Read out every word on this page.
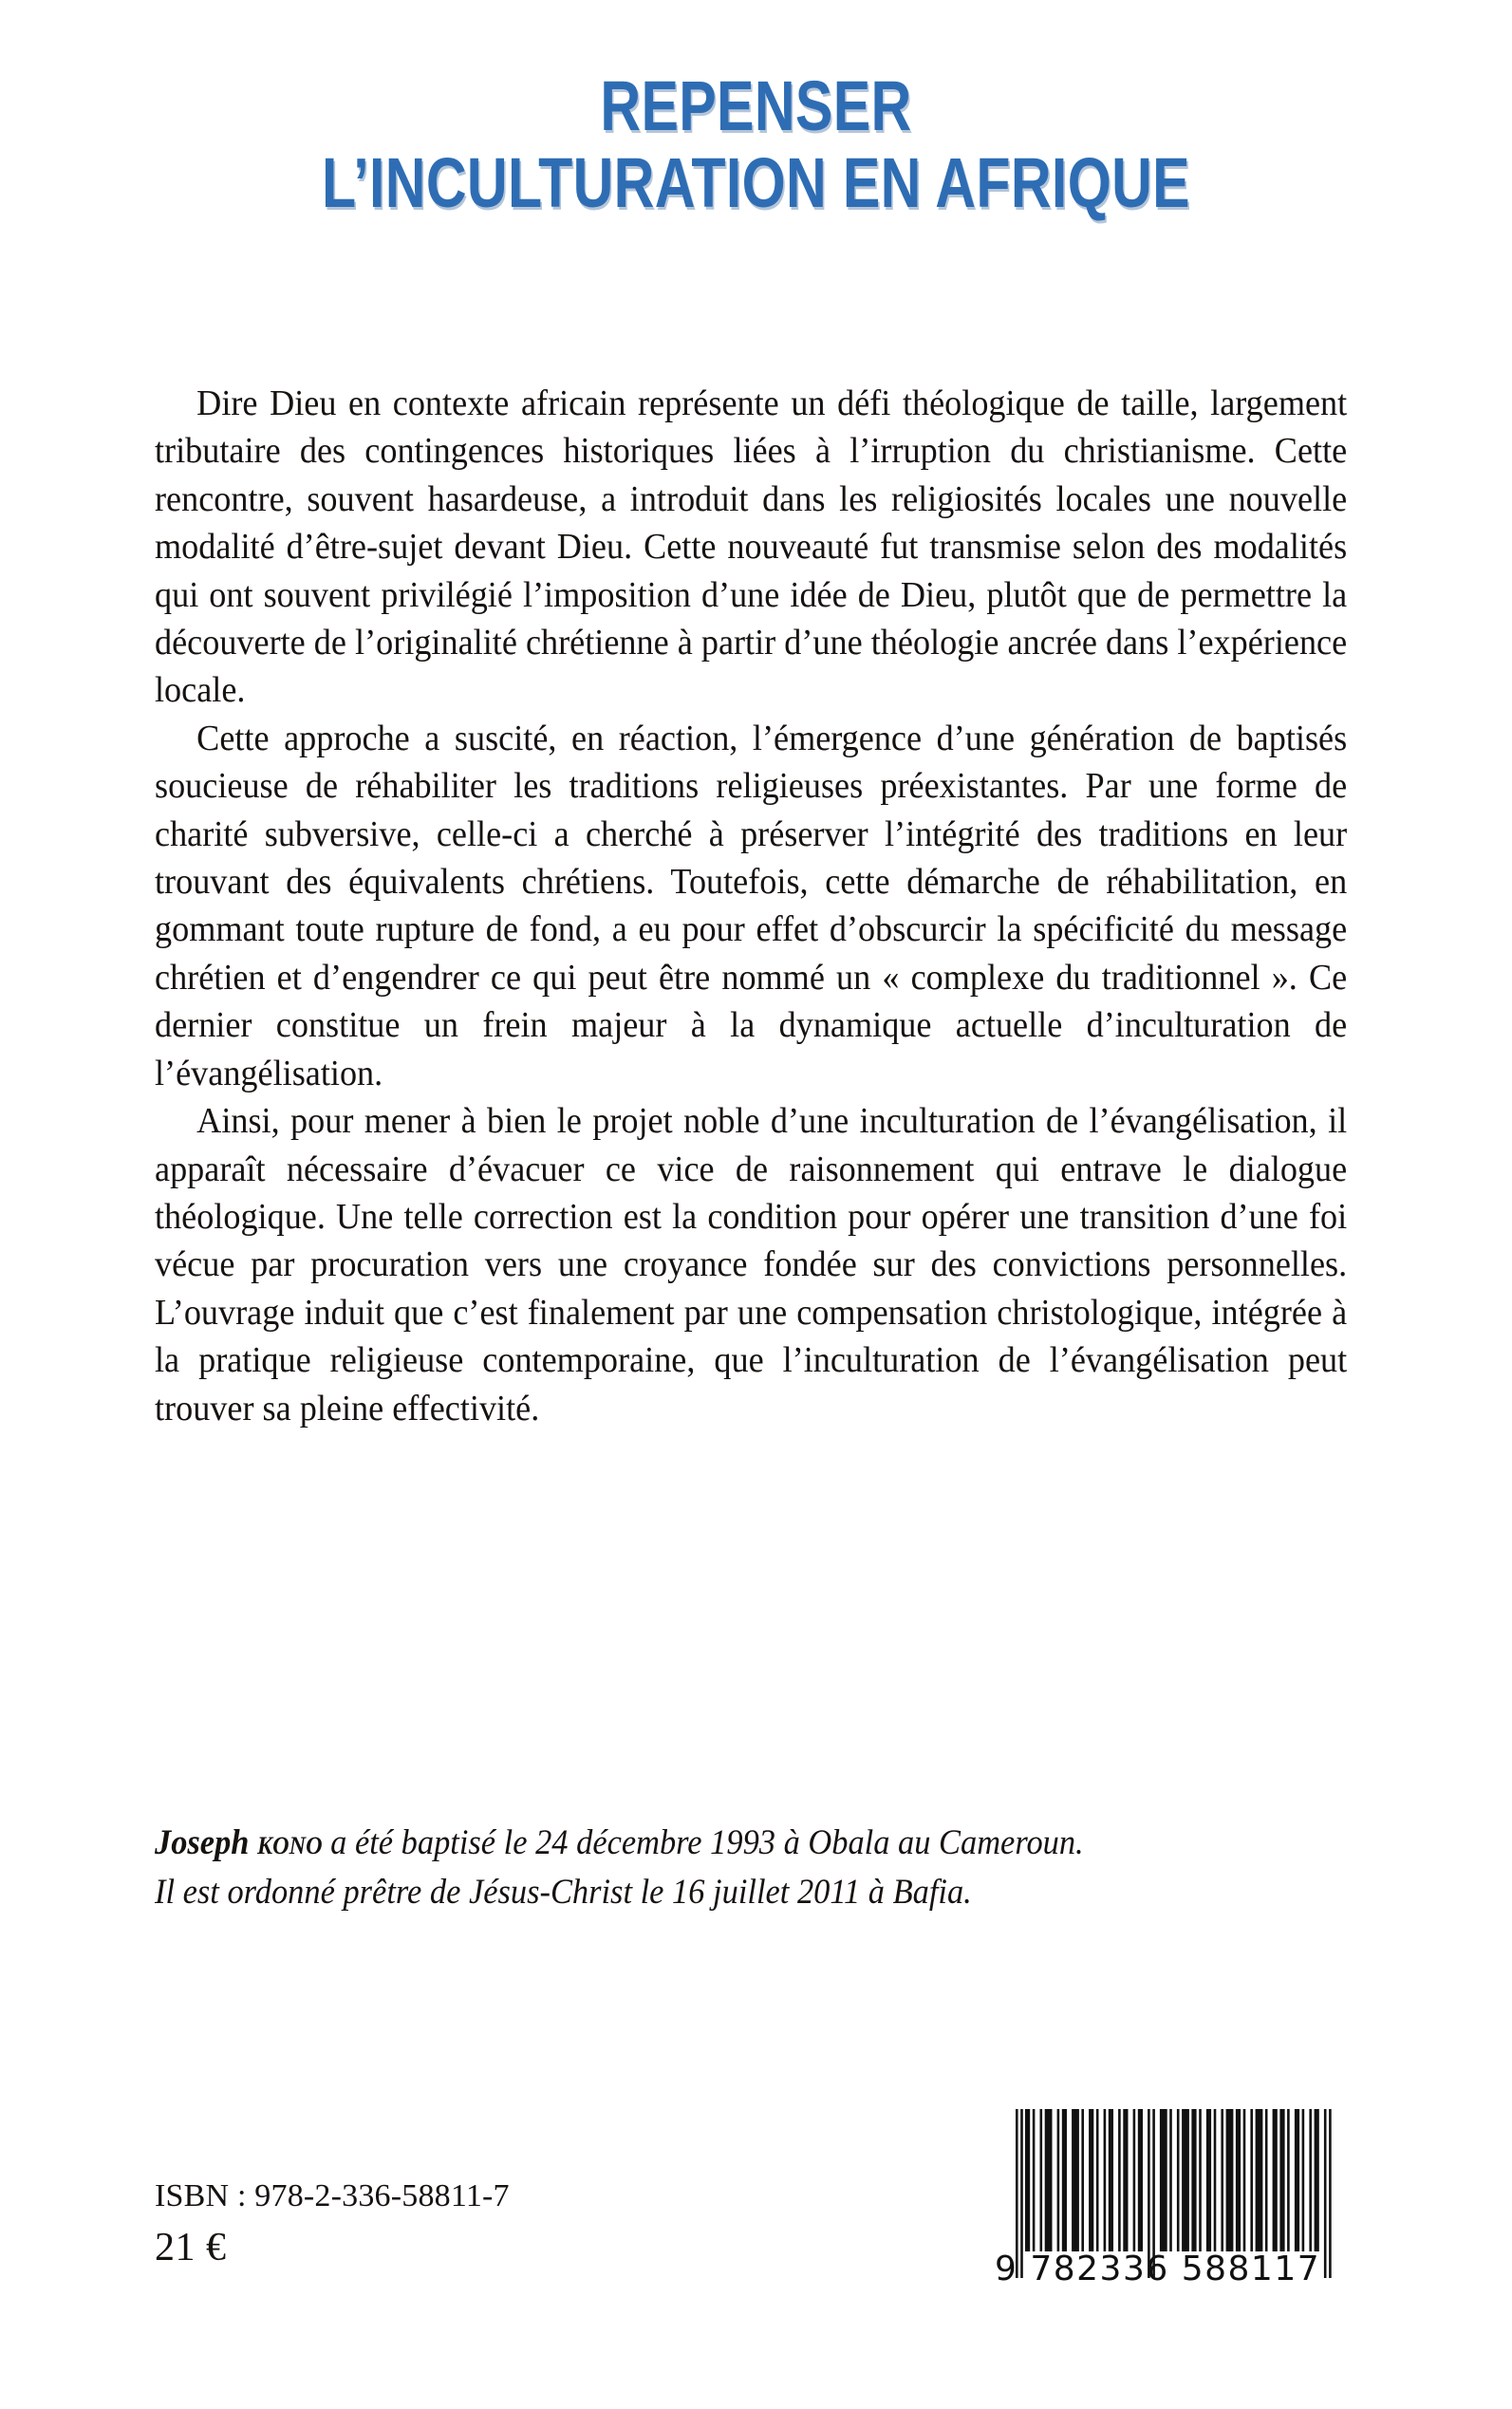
REPENSER
L’INCULTURATION EN AFRIQUE

Dire Dieu en contexte africain représente un défi théologique de taille, largement tributaire des contingences historiques liées à l’irruption du christianisme. Cette rencontre, souvent hasardeuse, a introduit dans les religiosités locales une nouvelle modalité d’être-sujet devant Dieu. Cette nouveauté fut transmise selon des modalités qui ont souvent privilégié l’imposition d’une idée de Dieu, plutôt que de permettre la découverte de l’originalité chrétienne à partir d’une théologie ancrée dans l’expérience locale.

Cette approche a suscité, en réaction, l’émergence d’une génération de baptisés soucieuse de réhabiliter les traditions religieuses préexistantes. Par une forme de charité subversive, celle-ci a cherché à préserver l’intégrité des traditions en leur trouvant des équivalents chrétiens. Toutefois, cette démarche de réhabilitation, en gommant toute rupture de fond, a eu pour effet d’obscurcir la spécificité du message chrétien et d’engendrer ce qui peut être nommé un « complexe du traditionnel ». Ce dernier constitue un frein majeur à la dynamique actuelle d’inculturation de l’évangélisation.

Ainsi, pour mener à bien le projet noble d’une inculturation de l’évangélisation, il apparaît nécessaire d’évacuer ce vice de raisonnement qui entrave le dialogue théologique. Une telle correction est la condition pour opérer une transition d’une foi vécue par procuration vers une croyance fondée sur des convictions personnelles. L’ouvrage induit que c’est finalement par une compensation christologique, intégrée à la pratique religieuse contemporaine, que l’inculturation de l’évangélisation peut trouver sa pleine effectivité.

Joseph kono a été baptisé le 24 décembre 1993 à Obala au Cameroun.
Il est ordonné prêtre de Jésus-Christ le 16 juillet 2011 à Bafia.
ISBN : 978-2-336-58811-7
21 €	9 782336 588117
